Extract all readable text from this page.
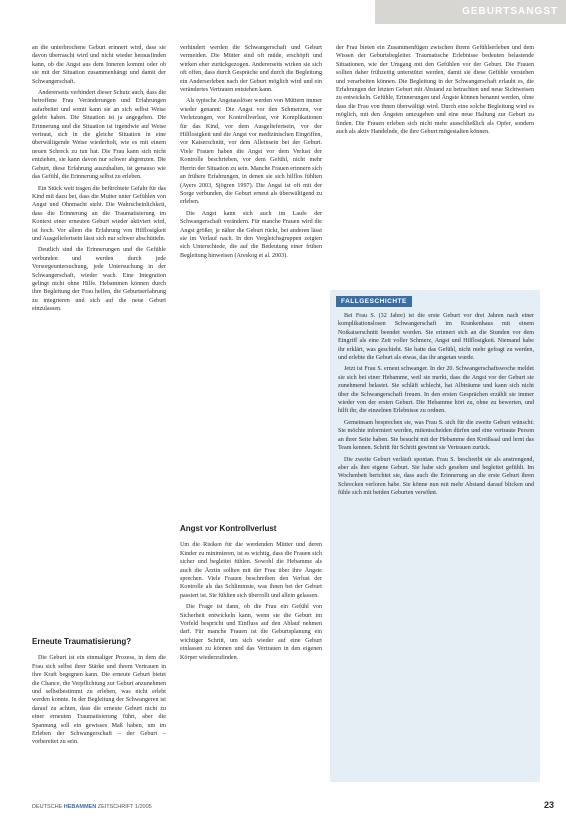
GEBURTSANGST

an die unterbrochene Geburt erinnert wird, dass sie davon überrascht wird und nicht wieder herausfinden kann, ob die Angst aus dem Inneren kommt oder ob sie mit der Situation zusammenhängt und damit der Schwangerschaft.

Andererseits verhindert dieser Schutz auch, dass die betroffene Frau Veränderungen und Erfahrungen aufarbeitet und somit kann sie an sich selbst Weise gelebt haben. Die Situation ist ja angegeben. Die Erinnerung und die Situation ist irgendwie auf Weise vertraut, sich in die gleiche Situation in eine überwältigende Weise wiederholt, wie es mit einem neuen Schreck zu tun hat. Die Frau kann sich nicht entziehen, sie kann davon nur schwer abgrenzen. Die Geburt, diese Erfahrung auszuhalten, ist genauso wie das Gefühl, die Erinnerung selbst zu erleben.

Ein Stück weit tragen die befürchtete Gefahr für das Kind mit dazu bei, dass die Mutter unter Gefühlen von Angst und Ohnmacht steht. Die Wahrscheinlichkeit, dass die Erinnerung an die Traumatisierung im Kontext einer erneuten Geburt wieder aktiviert wird, ist hoch. Vor allem die Erfahrung von Hilflosigkeit und Ausgeliefertsein lässt sich nur schwer abschütteln.

Deutlich sind die Erinnerungen und die Gefühle verbunden und werden durch jede Vorsorgeuntersuchung, jede Untersuchung in der Schwangerschaft, wieder wach. Eine Integration gelingt nicht ohne Hilfe. Hebammen können durch ihre Begleitung der Frau helfen, die Geburtserfahrung zu integrieren und sich auf die neue Geburt einzulassen.

Erneute Traumatisierung?

Die Geburt ist ein einmaliger Prozess, in dem die Frau sich selbst ihrer Stärke und ihrem Vertrauen in ihre Kraft begegnen kann. Die erneute Geburt bietet die Chance, die Verpflichtung zur Geburt anzunehmen und selbstbestimmt zu erleben, was nicht erlebt werden konnte. In der Begleitung der Schwangeren ist darauf zu achten, dass die erneute Geburt nicht zu einer erneuten Traumatisierung führt, aber die Spannung soll ein gewisses Maß haben, um im Erleben der Schwangerschaft – der Geburt – vorbereitet zu sein.

verhindert werden die Schwangerschaft und Geburt vermeiden. Die Mütter sind oft müde, erschöpft und wirken eher zurückgezogen. Andererseits wirken sie sich oft offen, dass durch Gespräche und durch die Begleitung ein Anderserleben nach der Geburt möglich wird und ein verändertes Vertrauen entstehen kann.

Als typische Angstauslöser werden von Müttern immer wieder genannt: Die Angst vor den Schmerzen, vor Verletzungen, vor Kontrollverlust, vor Komplikationen für das Kind, vor dem Ausgeliefertsein, vor der Hilflosigkeit und die Angst vor medizinischen Eingriffen, vor Kaiserschnitt, vor dem Alleinsein bei der Geburt. Viele Frauen haben die Angst vor dem Verlust der Kontrolle beschrieben, vor dem Gefühl, nicht mehr Herrin der Situation zu sein. Manche Frauen erinnern sich an frühere Erfahrungen, in denen sie sich hilflos fühlten (Ayers 2003, Sjögren 1997). Die Angst ist oft mit der Sorge verbunden, die Geburt erneut als überwältigend zu erleben.

Die Angst kann sich auch im Laufe der Schwangerschaft verändern. Für manche Frauen wird die Angst größer, je näher die Geburt rückt, bei anderen lässt sie im Verlauf nach. In den Vergleichsgruppen zeigten sich Unterschiede, die auf die Bedeutung einer frühen Begleitung hinweisen (Areskog et al. 2003).

Angst vor Kontrollverlust

Um die Risiken für die werdenden Mütter und deren Kinder zu minimieren, ist es wichtig, dass die Frauen sich sicher und begleitet fühlen. Sowohl die Hebamme als auch die Ärztin sollten mit der Frau über ihre Ängste sprechen. Viele Frauen beschreiben den Verlust der Kontrolle als das Schlimmste, was ihnen bei der Geburt passiert ist. Sie fühlten sich überrollt und allein gelassen.

Die Frage ist dann, ob die Frau ein Gefühl von Sicherheit entwickeln kann, wenn sie die Geburt im Vorfeld bespricht und Einfluss auf den Ablauf nehmen darf. Für manche Frauen ist die Geburtsplanung ein wichtiger Schritt, um sich wieder auf eine Geburt einlassen zu können und das Vertrauen in den eigenen Körper wiederzufinden.

der Frau bieten ein Zusammenfügen zwischen ihrem Gefühlserleben und dem Wissen der Geburtsbegleiter. Traumatische Erlebnisse bedeuten belastende Situationen, wie der Umgang mit den Gefühlen vor der Geburt. Die Frauen sollten daher frühzeitig unterstützt werden, damit sie diese Gefühle verstehen und verarbeiten können. Die Begleitung in der Schwangerschaft erlaubt es, die Erfahrungen der letzten Geburt mit Abstand zu betrachten und neue Sichtweisen zu entwickeln. Gefühle, Erinnerungen und Ängste können benannt werden, ohne dass die Frau von ihnen überwältigt wird. Durch eine solche Begleitung wird es möglich, mit den Ängsten umzugehen und eine neue Haltung zur Geburt zu finden. Die Frauen erleben sich nicht mehr ausschließlich als Opfer, sondern auch als aktiv Handelnde, die ihre Geburt mitgestalten können.

FALLGESCHICHTE

Bei Frau S. (32 Jahre) ist die erste Geburt vor drei Jahren nach einer komplikationslosen Schwangerschaft im Krankenhaus mit einem Notkaiserschnitt beendet worden. Sie erinnert sich an die Stunden vor dem Eingriff als eine Zeit voller Schmerz, Angst und Hilflosigkeit. Niemand habe ihr erklärt, was geschieht. Sie hatte das Gefühl, nicht mehr gefragt zu werden, und erlebte die Geburt als etwas, das ihr angetan wurde.

Jetzt ist Frau S. erneut schwanger. In der 20. Schwangerschaftswoche meldet sie sich bei einer Hebamme, weil sie merkt, dass die Angst vor der Geburt sie zunehmend belastet. Sie schläft schlecht, hat Albträume und kann sich nicht über die Schwangerschaft freuen. In den ersten Gesprächen erzählt sie immer wieder von der ersten Geburt. Die Hebamme hört zu, ohne zu bewerten, und hilft ihr, die einzelnen Erlebnisse zu ordnen.

Gemeinsam besprechen sie, was Frau S. sich für die zweite Geburt wünscht: Sie möchte informiert werden, mitentscheiden dürfen und eine vertraute Person an ihrer Seite haben. Sie besucht mit der Hebamme den Kreißsaal und lernt das Team kennen. Schritt für Schritt gewinnt sie Vertrauen zurück.

Die zweite Geburt verläuft spontan. Frau S. beschreibt sie als anstrengend, aber als ihre eigene Geburt. Sie habe sich gesehen und begleitet gefühlt. Im Wochenbett berichtet sie, dass auch die Erinnerung an die erste Geburt ihren Schrecken verloren habe. Sie könne nun mit mehr Abstand darauf blicken und fühle sich mit beiden Geburten versöhnt.

DEUTSCHE HEBAMMEN ZEITSCHRIFT 1/2005	23
